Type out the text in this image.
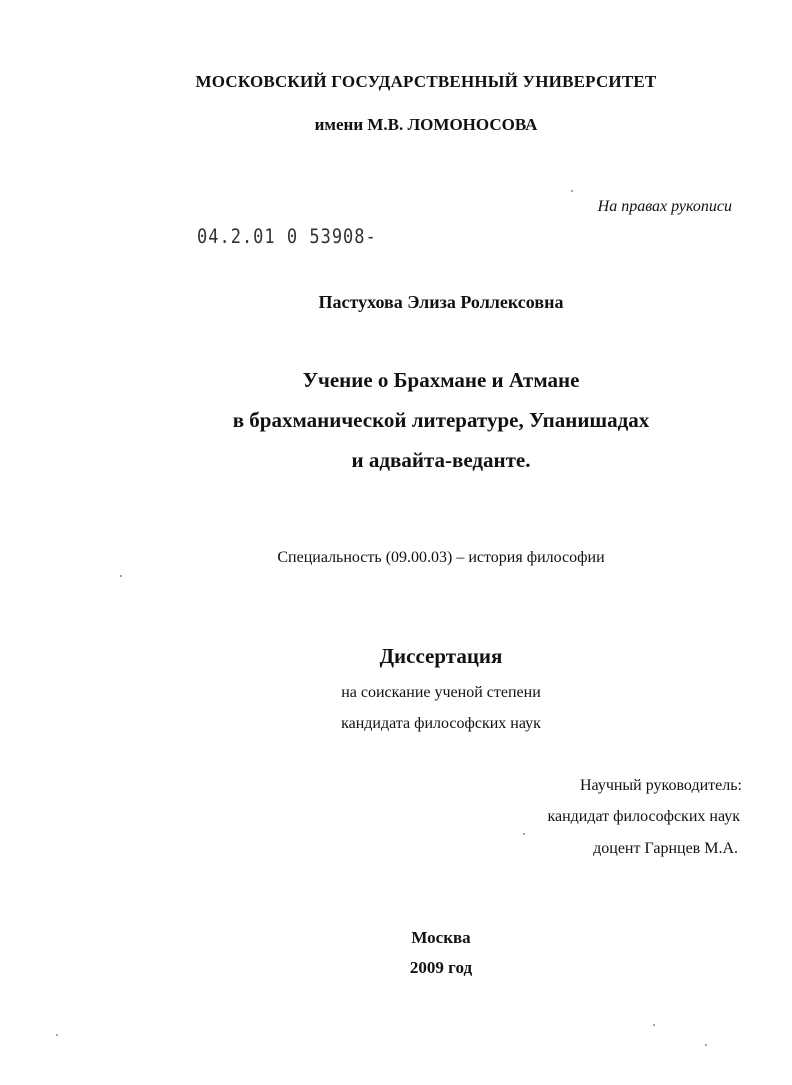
МОСКОВСКИЙ ГОСУДАРСТВЕННЫЙ УНИВЕРСИТЕТ
имени М.В. ЛОМОНОСОВА
На правах рукописи
04.2.01 0 53908-
Пастухова Элиза Роллексовна
Учение о Брахмане и Атмане
в брахманической литературе, Упанишадах
и адвайта-веданте.
Специальность (09.00.03) – история философии
Диссертация
на соискание ученой степени
кандидата философских наук
Научный руководитель:
кандидат философских наук
доцент Гарнцев М.А.
Москва
2009 год
